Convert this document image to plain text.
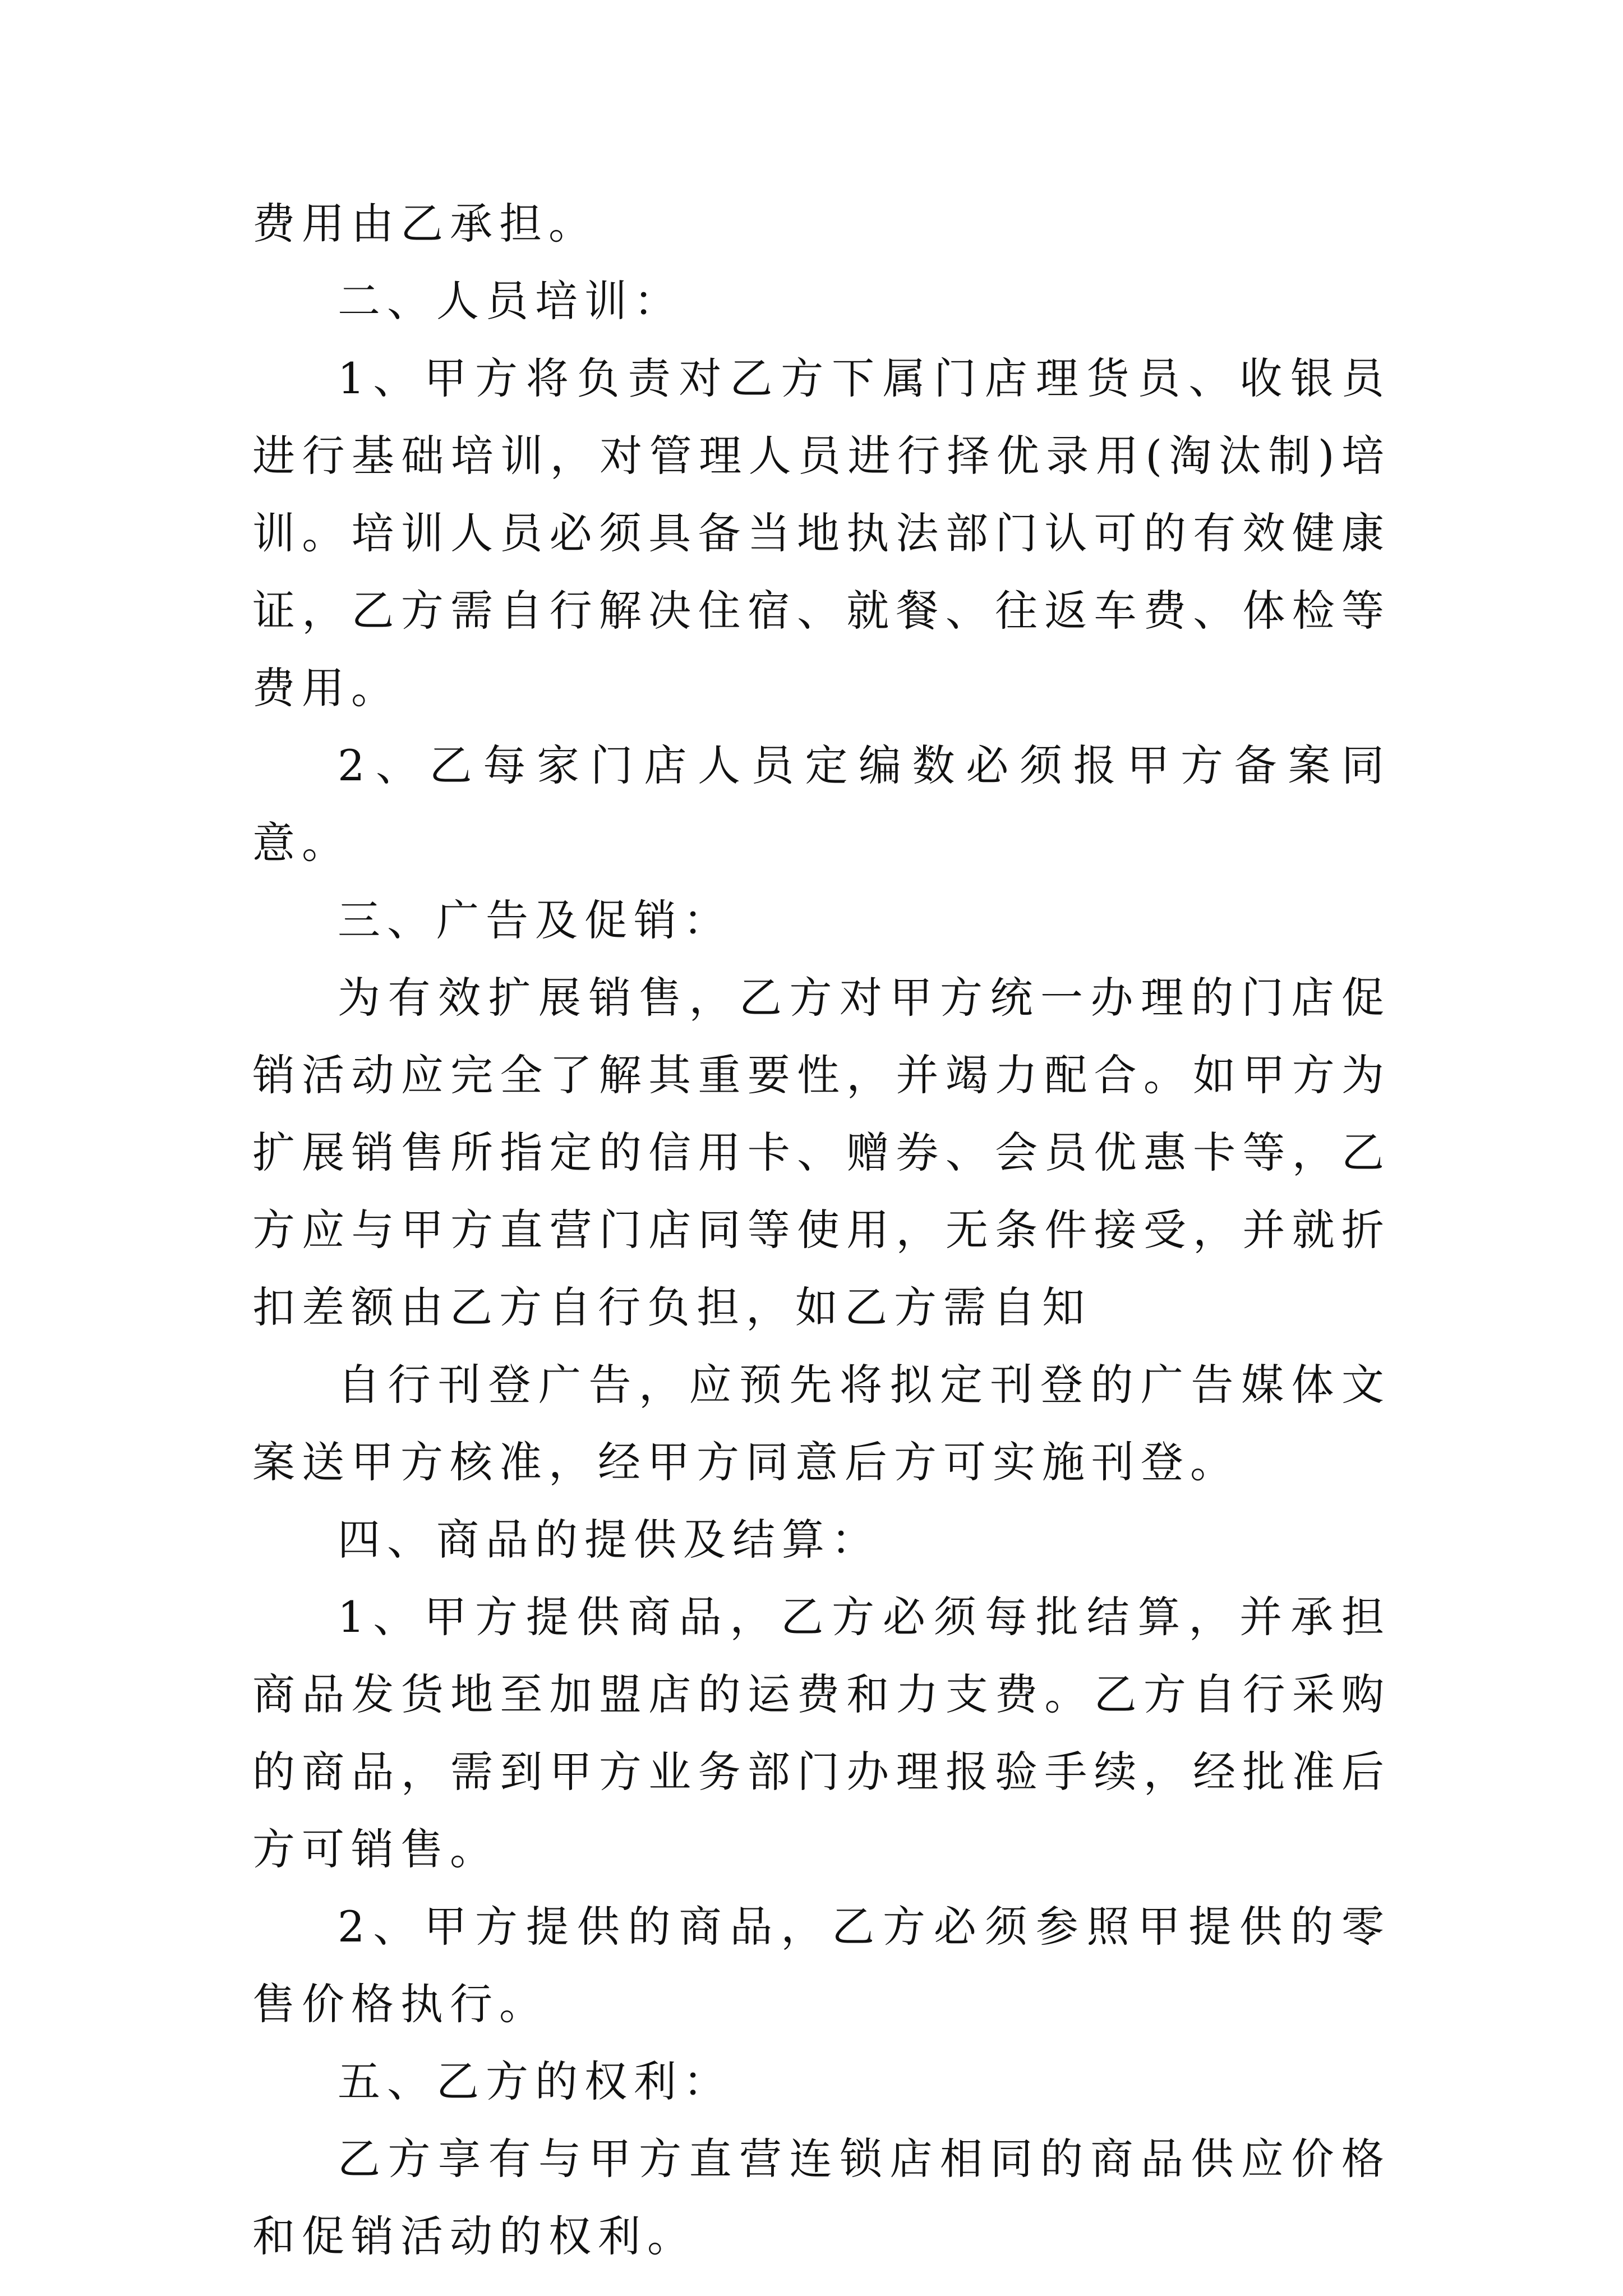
费用由乙承担。

二、人员培训：

1、甲方将负责对乙方下属门店理货员、收银员进行基础培训，对管理人员进行择优录用(淘汰制)培训。培训人员必须具备当地执法部门认可的有效健康证，乙方需自行解决住宿、就餐、往返车费、体检等费用。

2、乙每家门店人员定编数必须报甲方备案同意。

三、广告及促销：

为有效扩展销售，乙方对甲方统一办理的门店促销活动应完全了解其重要性，并竭力配合。如甲方为扩展销售所指定的信用卡、赠券、会员优惠卡等，乙方应与甲方直营门店同等使用，无条件接受，并就折扣差额由乙方自行负担，如乙方需自知

自行刊登广告，应预先将拟定刊登的广告媒体文案送甲方核准，经甲方同意后方可实施刊登。

四、商品的提供及结算：

1、甲方提供商品，乙方必须每批结算，并承担商品发货地至加盟店的运费和力支费。乙方自行采购的商品，需到甲方业务部门办理报验手续，经批准后方可销售。

2、甲方提供的商品，乙方必须参照甲提供的零售价格执行。

五、乙方的权利：

乙方享有与甲方直营连锁店相同的商品供应价格和促销活动的权利。
